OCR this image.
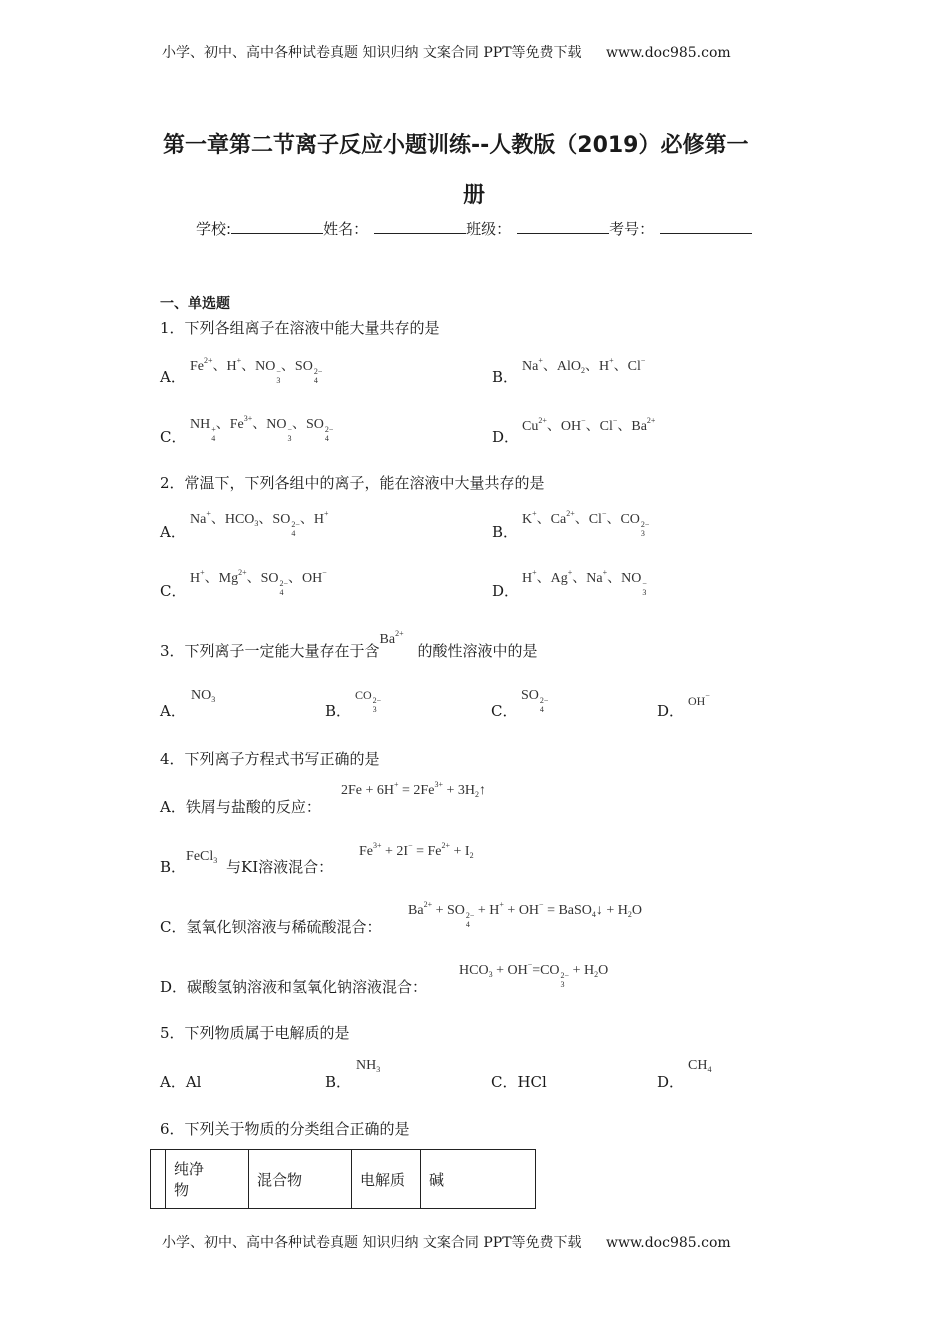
小学、初中、高中各种试卷真题 知识归纳 文案合同 PPT等免费下载 www.doc985.com
第一章第二节离子反应小题训练--人教版（2019）必修第一
册
学校:	姓名：	班级：	考号：
一、单选题
1．下列各组离子在溶液中能大量共存的是
A．
$Fe^{2+}$、H+、NO −
3
、SO 2−
4	B．
Na+、AlO$_2$、H+、Cl−
C．
NH +
4
、$Fe^{3+}$、NO −
3
、SO 2−
4	D．
$Cu^{2+}$、OH−、Cl−、$Ba^{2+}$
2．常温下，下列各组中的离子，能在溶液中大量共存的是
A．
Na+、$HCO_3$、SO 2−
4
、H+
B．
K+、$Ca^{2+}$、Cl−、CO 2−
3
C．
H+、$Mg^{2+}$、SO 2−
4
、OH−
D．
H+、Ag+、Na+、NO −
3
3．下列离子一定能大量存在于含$Ba^{2+}$的酸性溶液中的是
A．
$NO_3$
B．
CO 2−
3	C．
SO 2−
4	D．
OH−
4．下列离子方程式书写正确的是
A．铁屑与盐酸的反应：
$2Fe + 6H^+ = 2Fe^{3+}$ + $3H_2↑$
B．FeCl$_3$ 与KI溶液混合：
$Fe^{3+} + 2I^- = Fe^{2+} + I_2$
C．氢氧化钡溶液与稀硫酸混合：
$Ba^{2+}$ + SO 2−
4
+ H+ + OH− = BaSO$_4$↓ + $H_2O$
D．碳酸氢钠溶液和氢氧化钠溶液混合：
$HCO_3 + OH^-=CO$ 2−
3
+ $H_2O$
5．下列物质属于电解质的是
A．Al	B．
$NH_3$
C．HCl	D．
$CH_4$
6．下列关于物质的分类组合正确的是

纯净
物
	混合物	电解质	碱
小学、初中、高中各种试卷真题 知识归纳 文案合同 PPT等免费下载 www.doc985.com
